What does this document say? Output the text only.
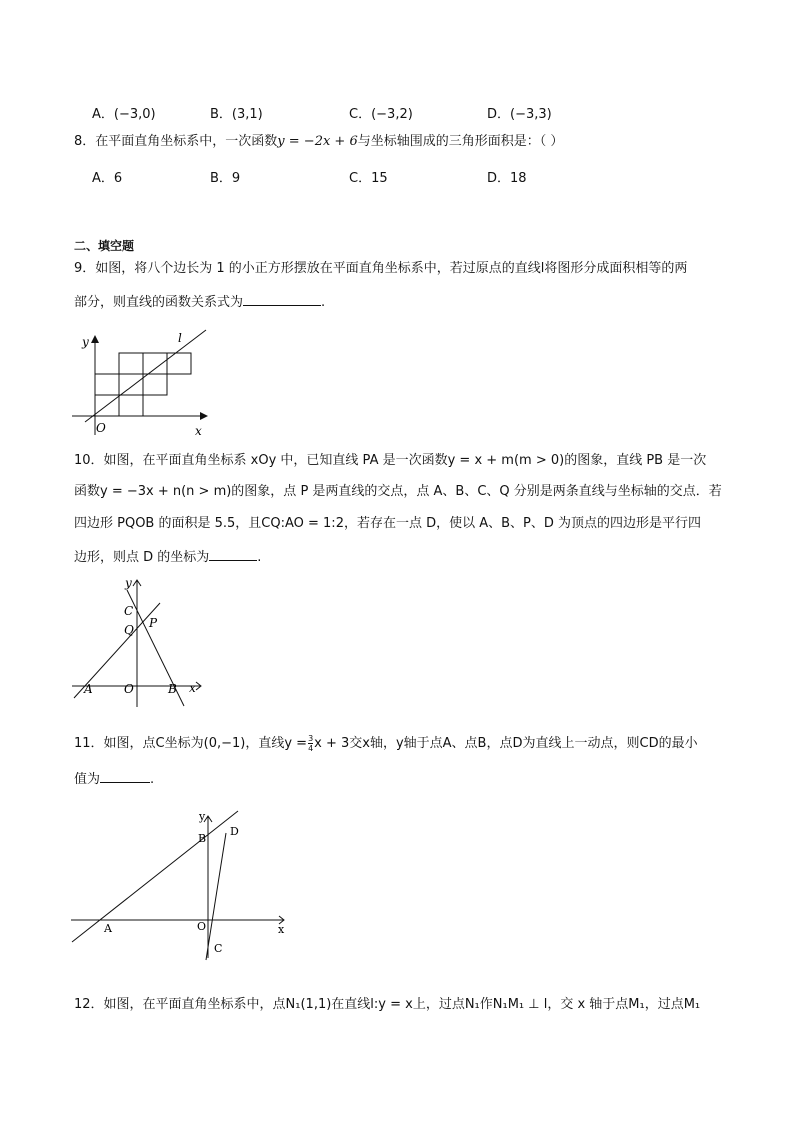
A．(−3,0)	B．(3,1)	C．(−3,2)	D．(−3,3)
8．在平面直角坐标系中，一次函数y = −2x + 6与坐标轴围成的三角形面积是：（ ）
A．6	B．9	C．15	D．18
二、填空题
9．如图，将八个边长为 1 的小正方形摆放在平面直角坐标系中，若过原点的直线l将图形分成面积相等的两
部分，则直线的函数关系式为	.
y
x
O
l
10．如图，在平面直角坐标系 xOy 中，已知直线 PA 是一次函数y = x + m(m > 0)的图象，直线 PB 是一次
函数y = −3x + n(n > m)的图象，点 P 是两直线的交点，点 A、B、C、Q 分别是两条直线与坐标轴的交点．若
四边形 PQOB 的面积是 5.5，且CQ:AO = 1:2，若存在一点 D，使以 A、B、P、D 为顶点的四边形是平行四
边形，则点 D 的坐标为	.
y
x
C
Q P
A	O	B
11．如图，点C坐标为(0,−1)，直线$y = \frac{3}{4}$ x + 3交x轴，y轴于点A、点B，点D为直线上一动点，则CD的最小
值为	.
y
x
B
D
A	O
C
12．如图，在平面直角坐标系中，点N₁(1,1)在直线l:y = x上，过点N₁作N₁M₁ ⊥ l，交 x 轴于点M₁，过点M₁
